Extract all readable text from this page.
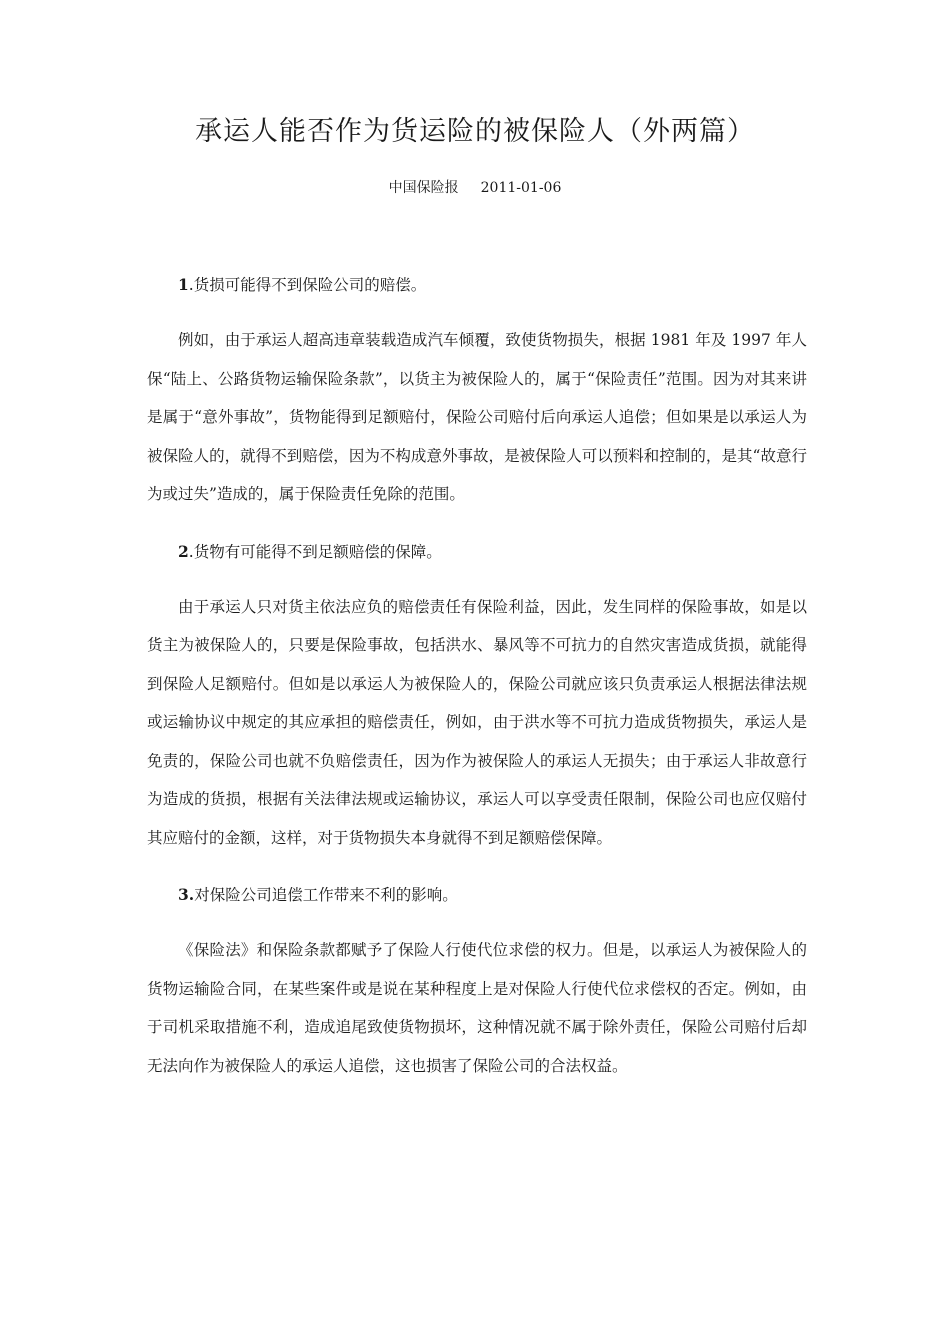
承运人能否作为货运险的被保险人（外两篇）
中国保险报 2011-01-06

1.货损可能得不到保险公司的赔偿。

例如，由于承运人超高违章装载造成汽车倾覆，致使货物损失，根据 1981 年及 1997 年人保“陆上、公路货物运输保险条款”，以货主为被保险人的，属于“保险责任”范围。因为对其来讲是属于“意外事故”，货物能得到足额赔付，保险公司赔付后向承运人追偿；但如果是以承运人为被保险人的，就得不到赔偿，因为不构成意外事故，是被保险人可以预料和控制的，是其“故意行为或过失”造成的，属于保险责任免除的范围。

2.货物有可能得不到足额赔偿的保障。

由于承运人只对货主依法应负的赔偿责任有保险利益，因此，发生同样的保险事故，如是以货主为被保险人的，只要是保险事故，包括洪水、暴风等不可抗力的自然灾害造成货损，就能得到保险人足额赔付。但如是以承运人为被保险人的，保险公司就应该只负责承运人根据法律法规或运输协议中规定的其应承担的赔偿责任，例如，由于洪水等不可抗力造成货物损失，承运人是免责的，保险公司也就不负赔偿责任，因为作为被保险人的承运人无损失；由于承运人非故意行为造成的货损，根据有关法律法规或运输协议，承运人可以享受责任限制，保险公司也应仅赔付其应赔付的金额，这样，对于货物损失本身就得不到足额赔偿保障。

3.对保险公司追偿工作带来不利的影响。

《保险法》和保险条款都赋予了保险人行使代位求偿的权力。但是，以承运人为被保险人的货物运输险合同，在某些案件或是说在某种程度上是对保险人行使代位求偿权的否定。例如，由于司机采取措施不利，造成追尾致使货物损坏，这种情况就不属于除外责任，保险公司赔付后却无法向作为被保险人的承运人追偿，这也损害了保险公司的合法权益。
